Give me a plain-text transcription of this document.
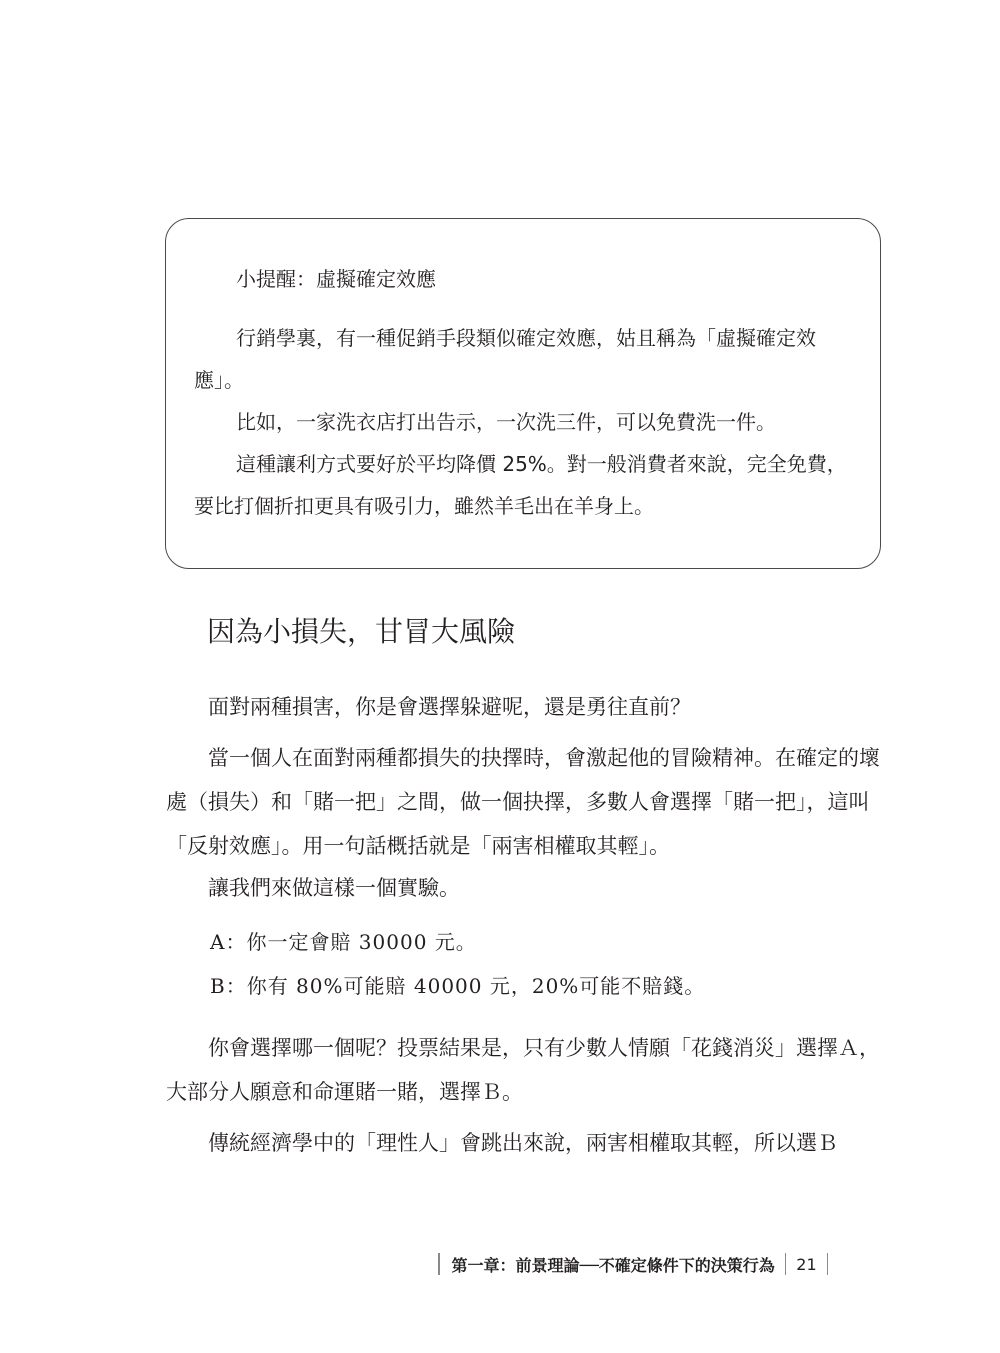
小提醒：虛擬確定效應

行銷學裏，有一種促銷手段類似確定效應，姑且稱為「虛擬確定效應」。

比如，一家洗衣店打出告示，一次洗三件，可以免費洗一件。

這種讓利方式要好於平均降價 25%。對一般消費者來說，完全免費，要比打個折扣更具有吸引力，雖然羊毛出在羊身上。

因為小損失，甘冒大風險

面對兩種損害，你是會選擇躲避呢，還是勇往直前？

當一個人在面對兩種都損失的抉擇時，會激起他的冒險精神。在確定的壞處（損失）和「賭一把」之間，做一個抉擇，多數人會選擇「賭一把」，這叫「反射效應」。用一句話概括就是「兩害相權取其輕」。

讓我們來做這樣一個實驗。

A：你一定會賠 30000 元。
B：你有 80%可能賠 40000 元，20%可能不賠錢。

你會選擇哪一個呢？投票結果是，只有少數人情願「花錢消災」選擇Ａ，大部分人願意和命運賭一賭，選擇Ｂ。

傳統經濟學中的「理性人」會跳出來說，兩害相權取其輕，所以選Ｂ

第一章：前景理論──不確定條件下的決策行為 21
